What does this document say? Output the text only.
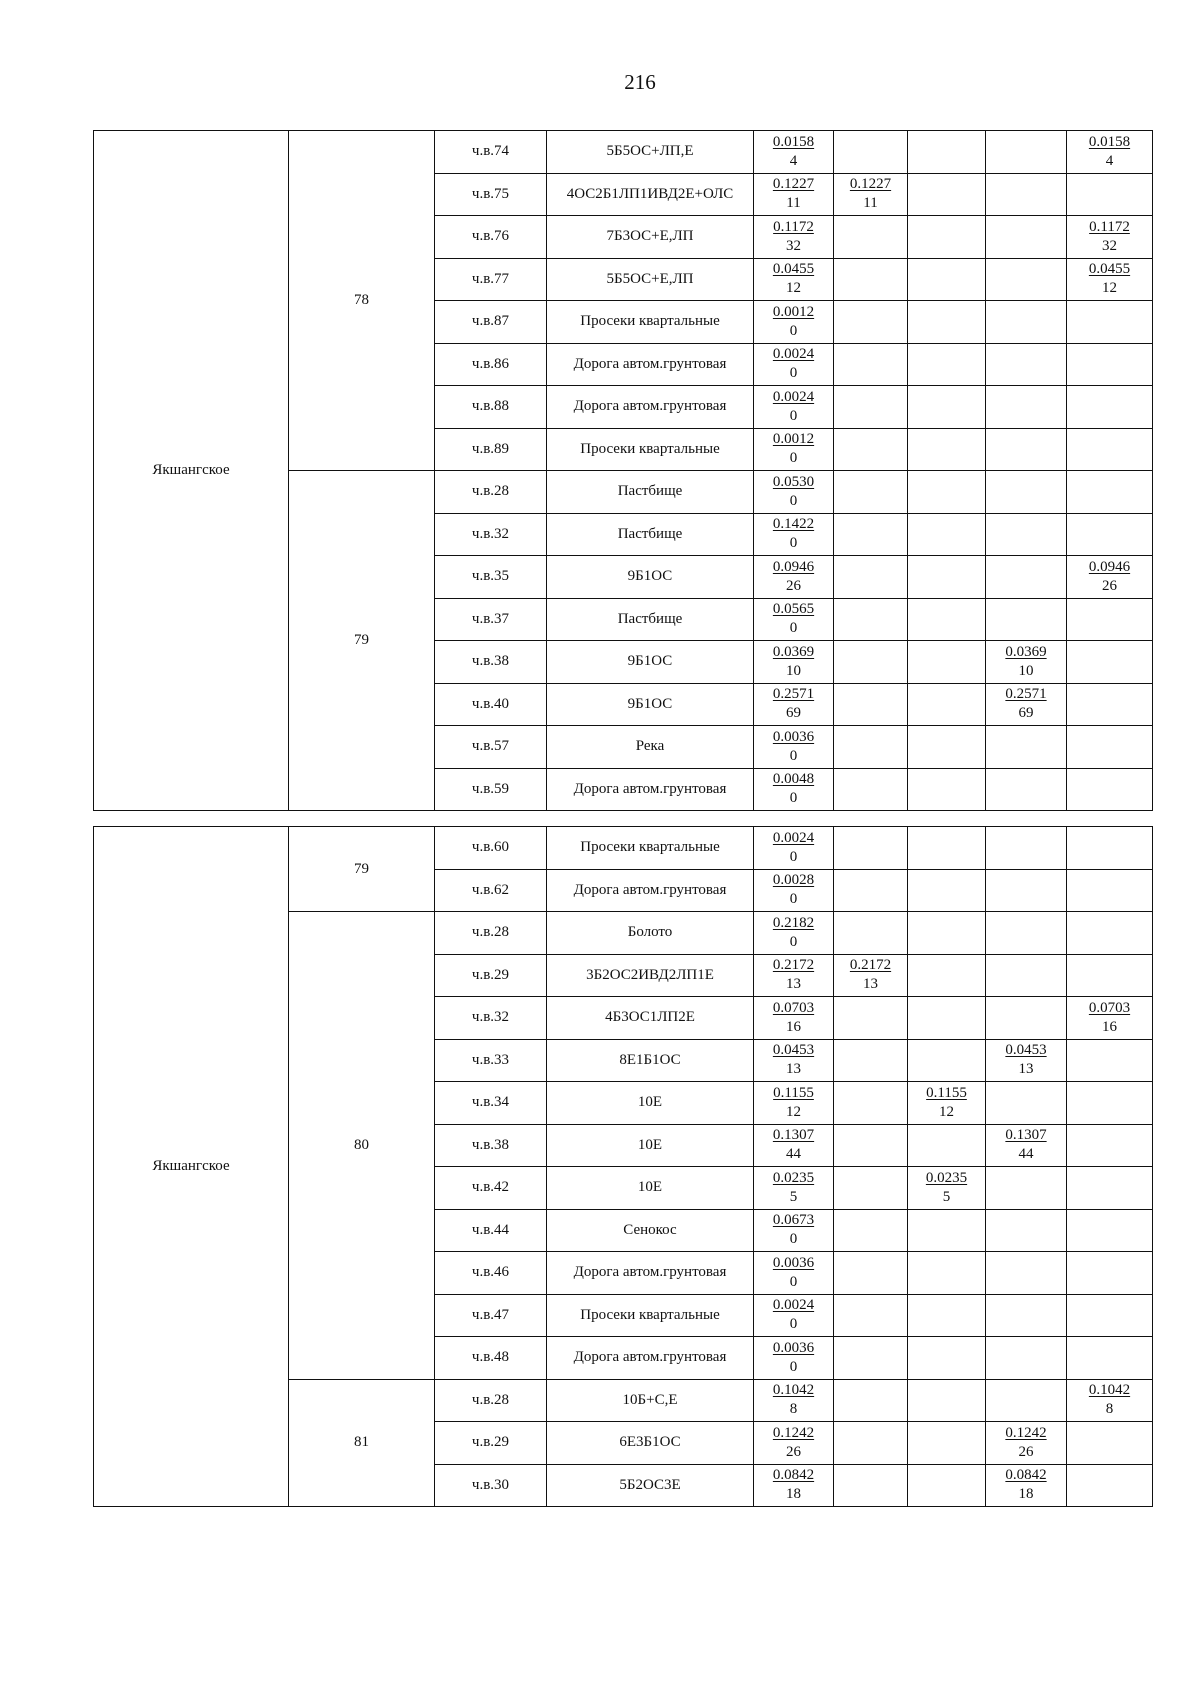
216
Якшангское	78	ч.в.74	5Б5ОС+ЛП,Е	0.0158
4				0.0158
4

		ч.в.75	4ОС2Б1ЛП1ИВД2Е+ОЛС	0.1227
11	0.1227
11			

		ч.в.76	7Б3ОС+Е,ЛП	0.1172
32				0.1172
32

		ч.в.77	5Б5ОС+Е,ЛП	0.0455
12				0.0455
12

		ч.в.87	Просеки квартальные	0.0012
0				

		ч.в.86	Дорога автом.грунтовая	0.0024
0				

		ч.в.88	Дорога автом.грунтовая	0.0024
0				

		ч.в.89	Просеки квартальные	0.0012
0				

	79	ч.в.28	Пастбище	0.0530
0				

		ч.в.32	Пастбище	0.1422
0				

		ч.в.35	9Б1ОС	0.0946
26				0.0946
26

		ч.в.37	Пастбище	0.0565
0				

		ч.в.38	9Б1ОС	0.0369
10			0.0369
10	

		ч.в.40	9Б1ОС	0.2571
69			0.2571
69	

		ч.в.57	Река	0.0036
0				

		ч.в.59	Дорога автом.грунтовая	0.0048
0				

Якшангское	79	ч.в.60	Просеки квартальные	0.0024
0				

		ч.в.62	Дорога автом.грунтовая	0.0028
0				

	80	ч.в.28	Болото	0.2182
0				

		ч.в.29	3Б2ОС2ИВД2ЛП1Е	0.2172
13	0.2172
13			

		ч.в.32	4Б3ОС1ЛП2Е	0.0703
16				0.0703
16

		ч.в.33	8Е1Б1ОС	0.0453
13			0.0453
13	

		ч.в.34	10Е	0.1155
12		0.1155
12		

		ч.в.38	10Е	0.1307
44			0.1307
44	

		ч.в.42	10Е	0.0235
5		0.0235
5		

		ч.в.44	Сенокос	0.0673
0				

		ч.в.46	Дорога автом.грунтовая	0.0036
0				

		ч.в.47	Просеки квартальные	0.0024
0				

		ч.в.48	Дорога автом.грунтовая	0.0036
0				

	81	ч.в.28	10Б+С,Е	0.1042
8				0.1042
8

		ч.в.29	6Е3Б1ОС	0.1242
26			0.1242
26	

		ч.в.30	5Б2ОС3Е	0.0842
18			0.0842
18	
